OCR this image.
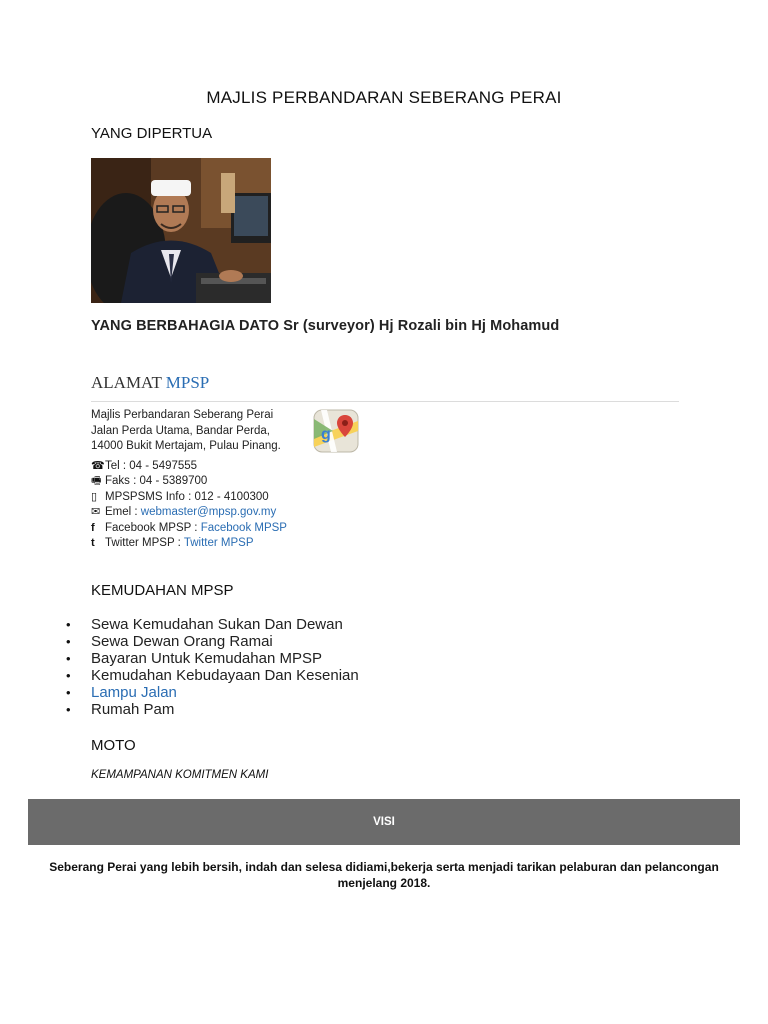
MAJLIS PERBANDARAN SEBERANG PERAI
YANG DIPERTUA
YANG BERBAHAGIA DATO Sr (surveyor) Hj Rozali bin Hj Mohamud
ALAMAT MPSP
Majlis Perbandaran Seberang Perai
Jalan Perda Utama, Bandar Perda,
14000 Bukit Mertajam, Pulau Pinang.
☎Tel : 04 - 5497555
🖷 Faks : 04 - 5389700
▯ MPSPSMS Info : 012 - 4100300
✉ Emel : webmaster@mpsp.gov.my
f Facebook MPSP : Facebook MPSP
t Twitter MPSP : Twitter MPSP
g
KEMUDAHAN MPSP
• Sewa Kemudahan Sukan Dan Dewan
• Sewa Dewan Orang Ramai
• Bayaran Untuk Kemudahan MPSP
• Kemudahan Kebudayaan Dan Kesenian
• Lampu Jalan
• Rumah Pam
MOTO
KEMAMPANAN KOMITMEN KAMI
VISI
Seberang Perai yang lebih bersih, indah dan selesa didiami,bekerja serta menjadi tarikan pelaburan dan pelancongan menjelang 2018.
